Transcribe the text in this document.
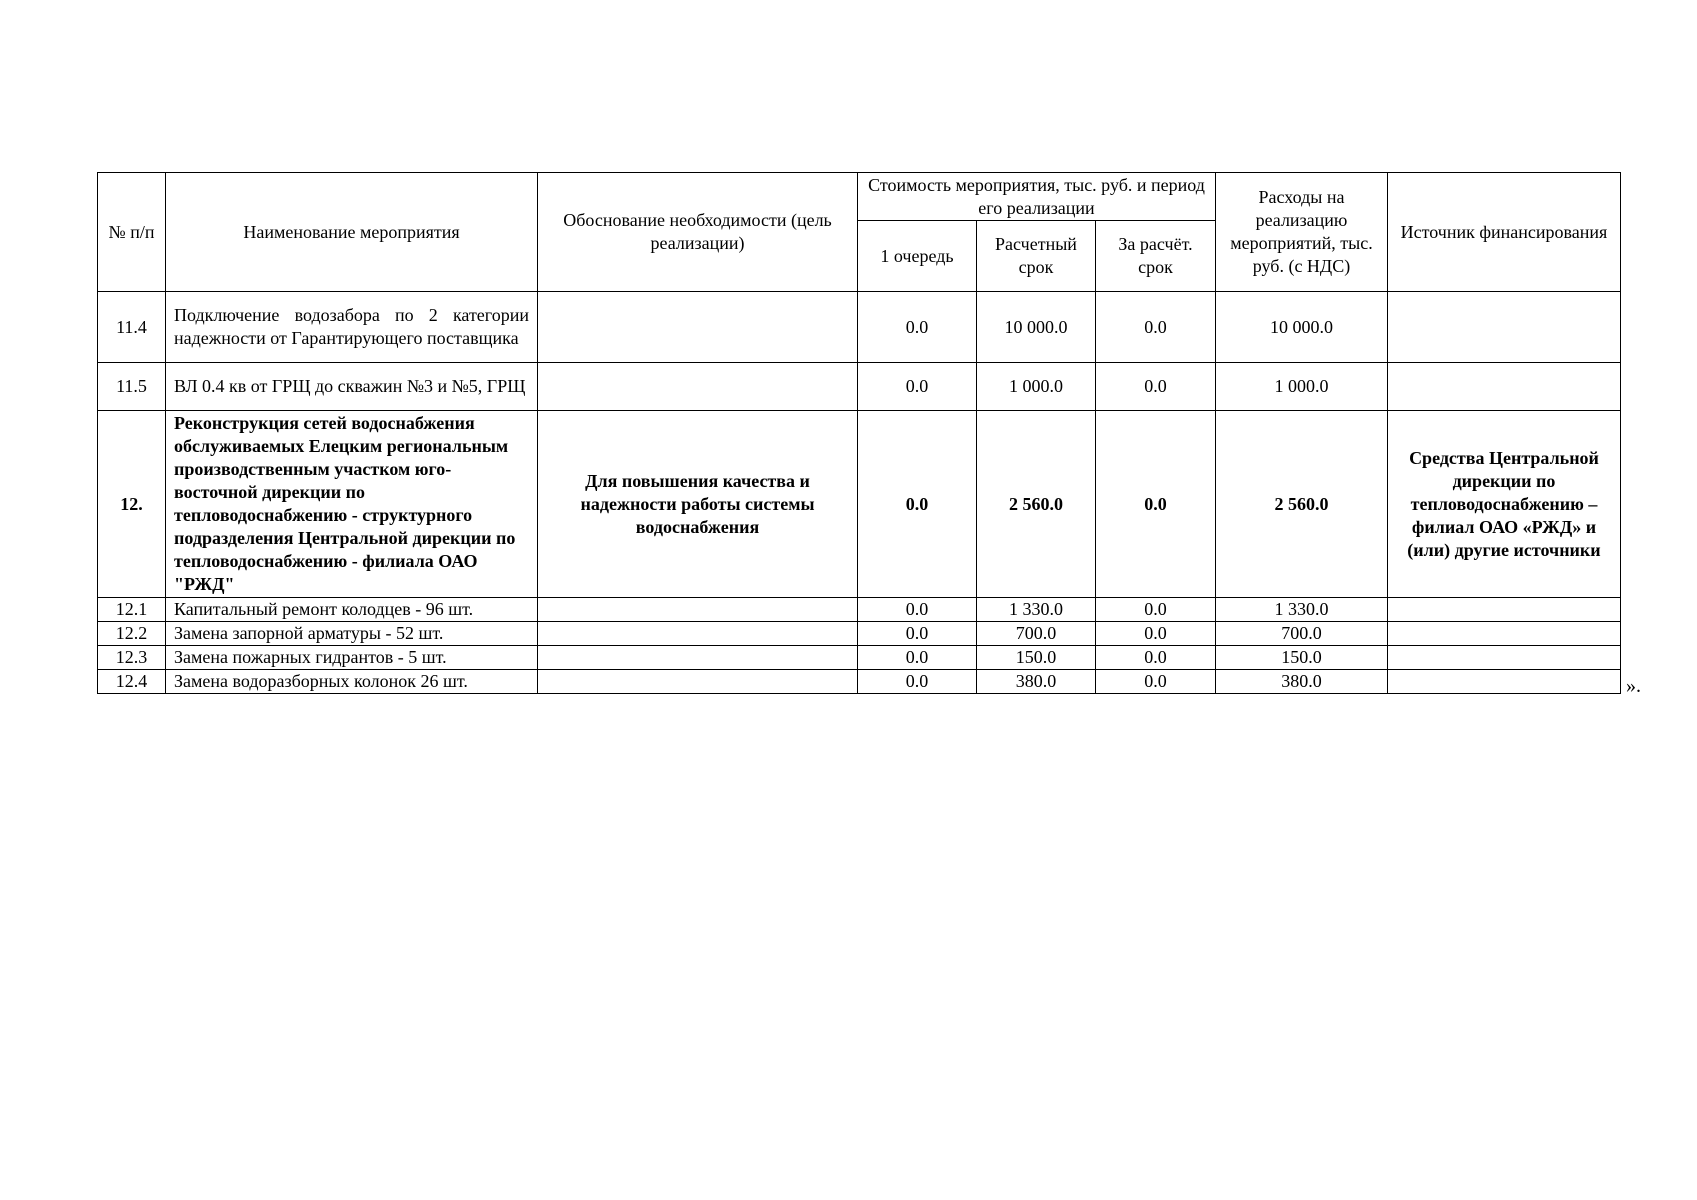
№ п/п	Наименование мероприятия	Обоснование необходимости (цель реализации)	Стоимость мероприятия, тыс. руб. и период его реализации			Расходы на реализацию мероприятий, тыс. руб. (с НДС)	Источник финансирования
			1 очередь	Расчетный срок	За расчёт. срок		
11.4	Подключение водозабора по 2 категории надежности от Гарантирующего поставщика		0.0	10 000.0	0.0	10 000.0	
11.5	ВЛ 0.4 кв от ГРЩ до скважин №3 и №5, ГРЩ		0.0	1 000.0	0.0	1 000.0	
12.	Реконструкция сетей водоснабжения обслуживаемых Елецким региональным производственным участком юго-восточной дирекции по тепловодоснабжению - структурного подразделения Центральной дирекции по тепловодоснабжению - филиала ОАО "РЖД"	Для повышения качества и надежности работы системы водоснабжения	0.0	2 560.0	0.0	2 560.0	Средства Центральной дирекции по тепловодоснабжению – филиал ОАО «РЖД» и (или) другие источники
12.1	Капитальный ремонт колодцев - 96 шт.		0.0	1 330.0	0.0	1 330.0	
12.2	Замена запорной арматуры - 52 шт.		0.0	700.0	0.0	700.0	
12.3	Замена пожарных гидрантов - 5 шт.		0.0	150.0	0.0	150.0	
12.4	Замена водоразборных колонок 26 шт.		0.0	380.0	0.0	380.0		».
